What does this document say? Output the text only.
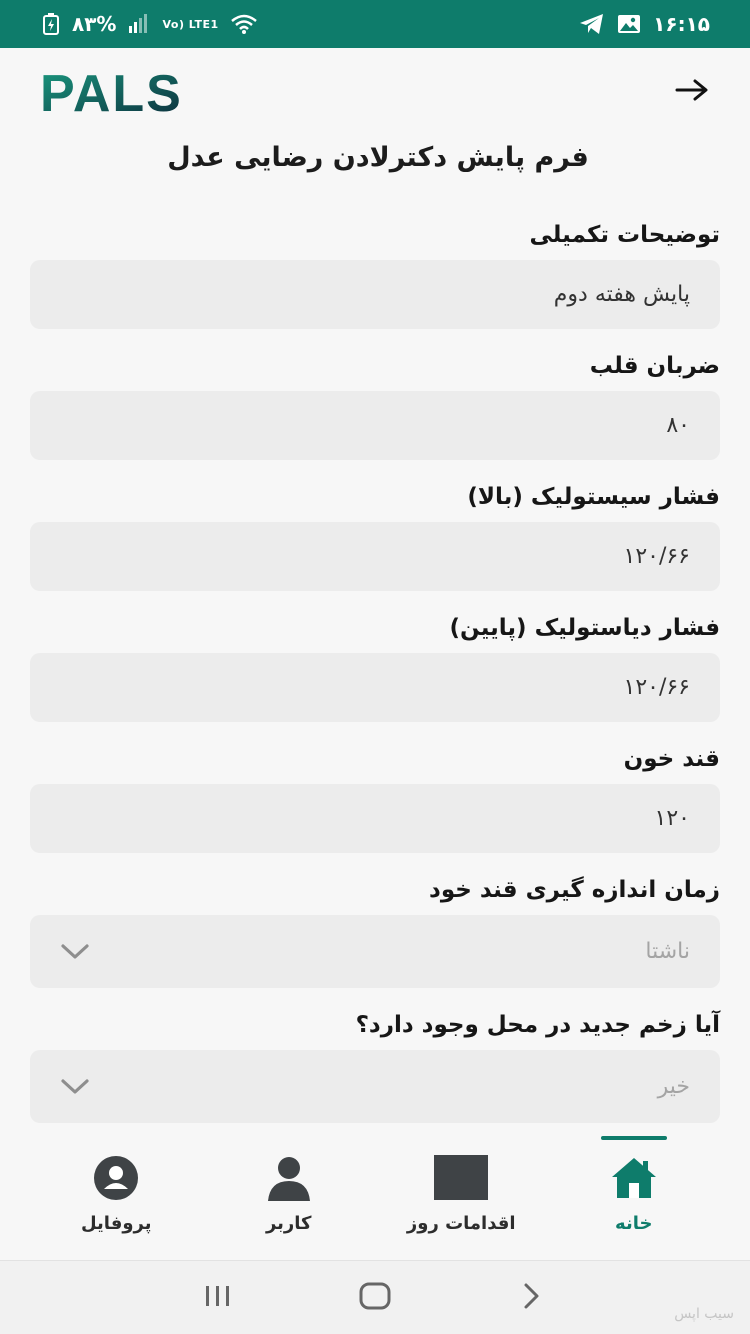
٨٣%	Vo) LTE1	۱۶:۱۵
PALS
فرم پایش دکترلادن رضایی عدل
توضیحات تکمیلی
پایش هفته دوم
ضربان قلب
۸۰
فشار سیستولیک (بالا)
۱۲۰/۶۶
فشار دیاستولیک (پایین)
۱۲۰/۶۶
قند خون
۱۲۰
زمان اندازه گیری قند خود
ناشتا
آیا زخم جدید در محل وجود دارد؟
خیر
پروفایل	کاربر	اقدامات روز	خانه
سیب اپس
